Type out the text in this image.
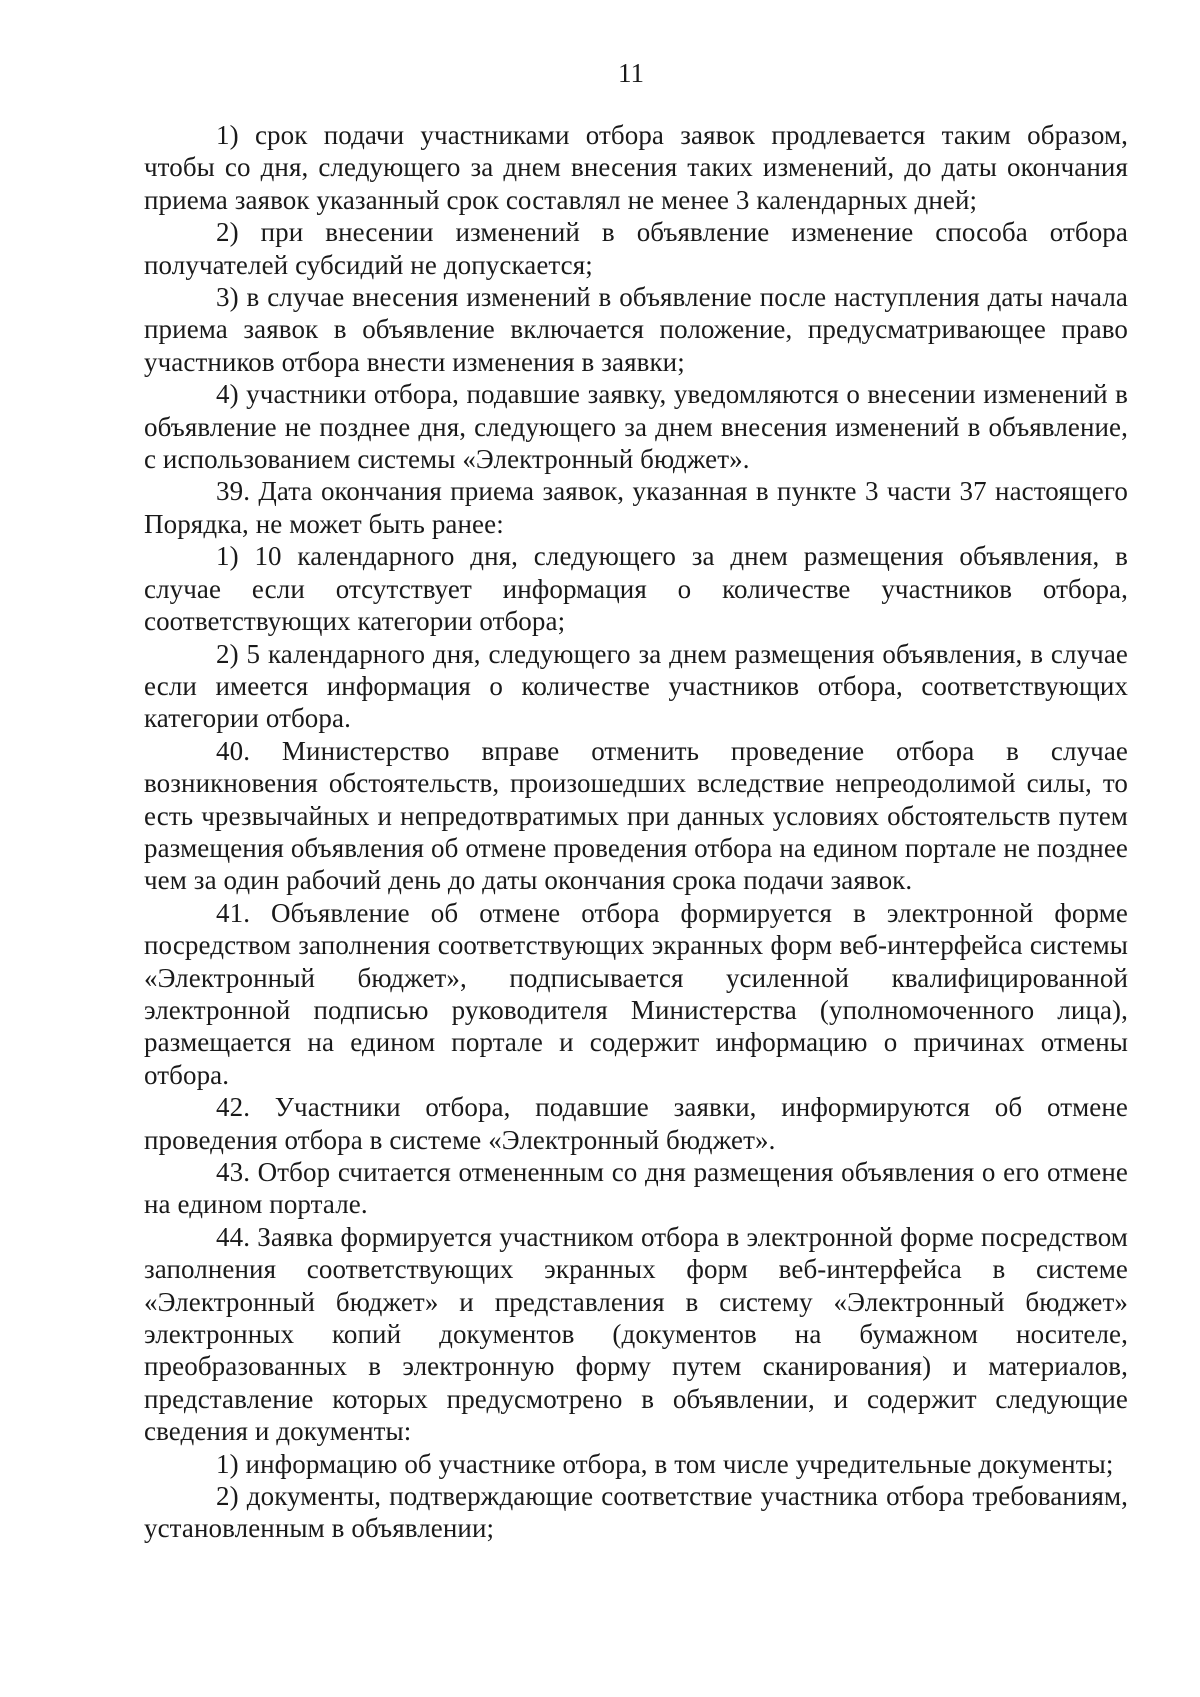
11

1) срок подачи участниками отбора заявок продлевается таким образом, чтобы со дня, следующего за днем внесения таких изменений, до даты окончания приема заявок указанный срок составлял не менее 3 календарных дней;

2) при внесении изменений в объявление изменение способа отбора получателей субсидий не допускается;

3) в случае внесения изменений в объявление после наступления даты начала приема заявок в объявление включается положение, предусматривающее право участников отбора внести изменения в заявки;

4) участники отбора, подавшие заявку, уведомляются о внесении изменений в объявление не позднее дня, следующего за днем внесения изменений в объявление, с использованием системы «Электронный бюджет».

39. Дата окончания приема заявок, указанная в пункте 3 части 37 настоящего Порядка, не может быть ранее:

1) 10 календарного дня, следующего за днем размещения объявления, в случае если отсутствует информация о количестве участников отбора, соответствующих категории отбора;

2) 5 календарного дня, следующего за днем размещения объявления, в случае если имеется информация о количестве участников отбора, соответствующих категории отбора.

40. Министерство вправе отменить проведение отбора в случае возникновения обстоятельств, произошедших вследствие непреодолимой силы, то есть чрезвычайных и непредотвратимых при данных условиях обстоятельств путем размещения объявления об отмене проведения отбора на едином портале не позднее чем за один рабочий день до даты окончания срока подачи заявок.

41. Объявление об отмене отбора формируется в электронной форме посредством заполнения соответствующих экранных форм веб-интерфейса системы «Электронный бюджет», подписывается усиленной квалифицированной электронной подписью руководителя Министерства (уполномоченного лица), размещается на едином портале и содержит информацию о причинах отмены отбора.

42. Участники отбора, подавшие заявки, информируются об отмене проведения отбора в системе «Электронный бюджет».

43. Отбор считается отмененным со дня размещения объявления о его отмене на едином портале.

44. Заявка формируется участником отбора в электронной форме посредством заполнения соответствующих экранных форм веб-интерфейса в системе «Электронный бюджет» и представления в систему «Электронный бюджет» электронных копий документов (документов на бумажном носителе, преобразованных в электронную форму путем сканирования) и материалов, представление которых предусмотрено в объявлении, и содержит следующие сведения и документы:

1) информацию об участнике отбора, в том числе учредительные документы;

2) документы, подтверждающие соответствие участника отбора требованиям, установленным в объявлении;
